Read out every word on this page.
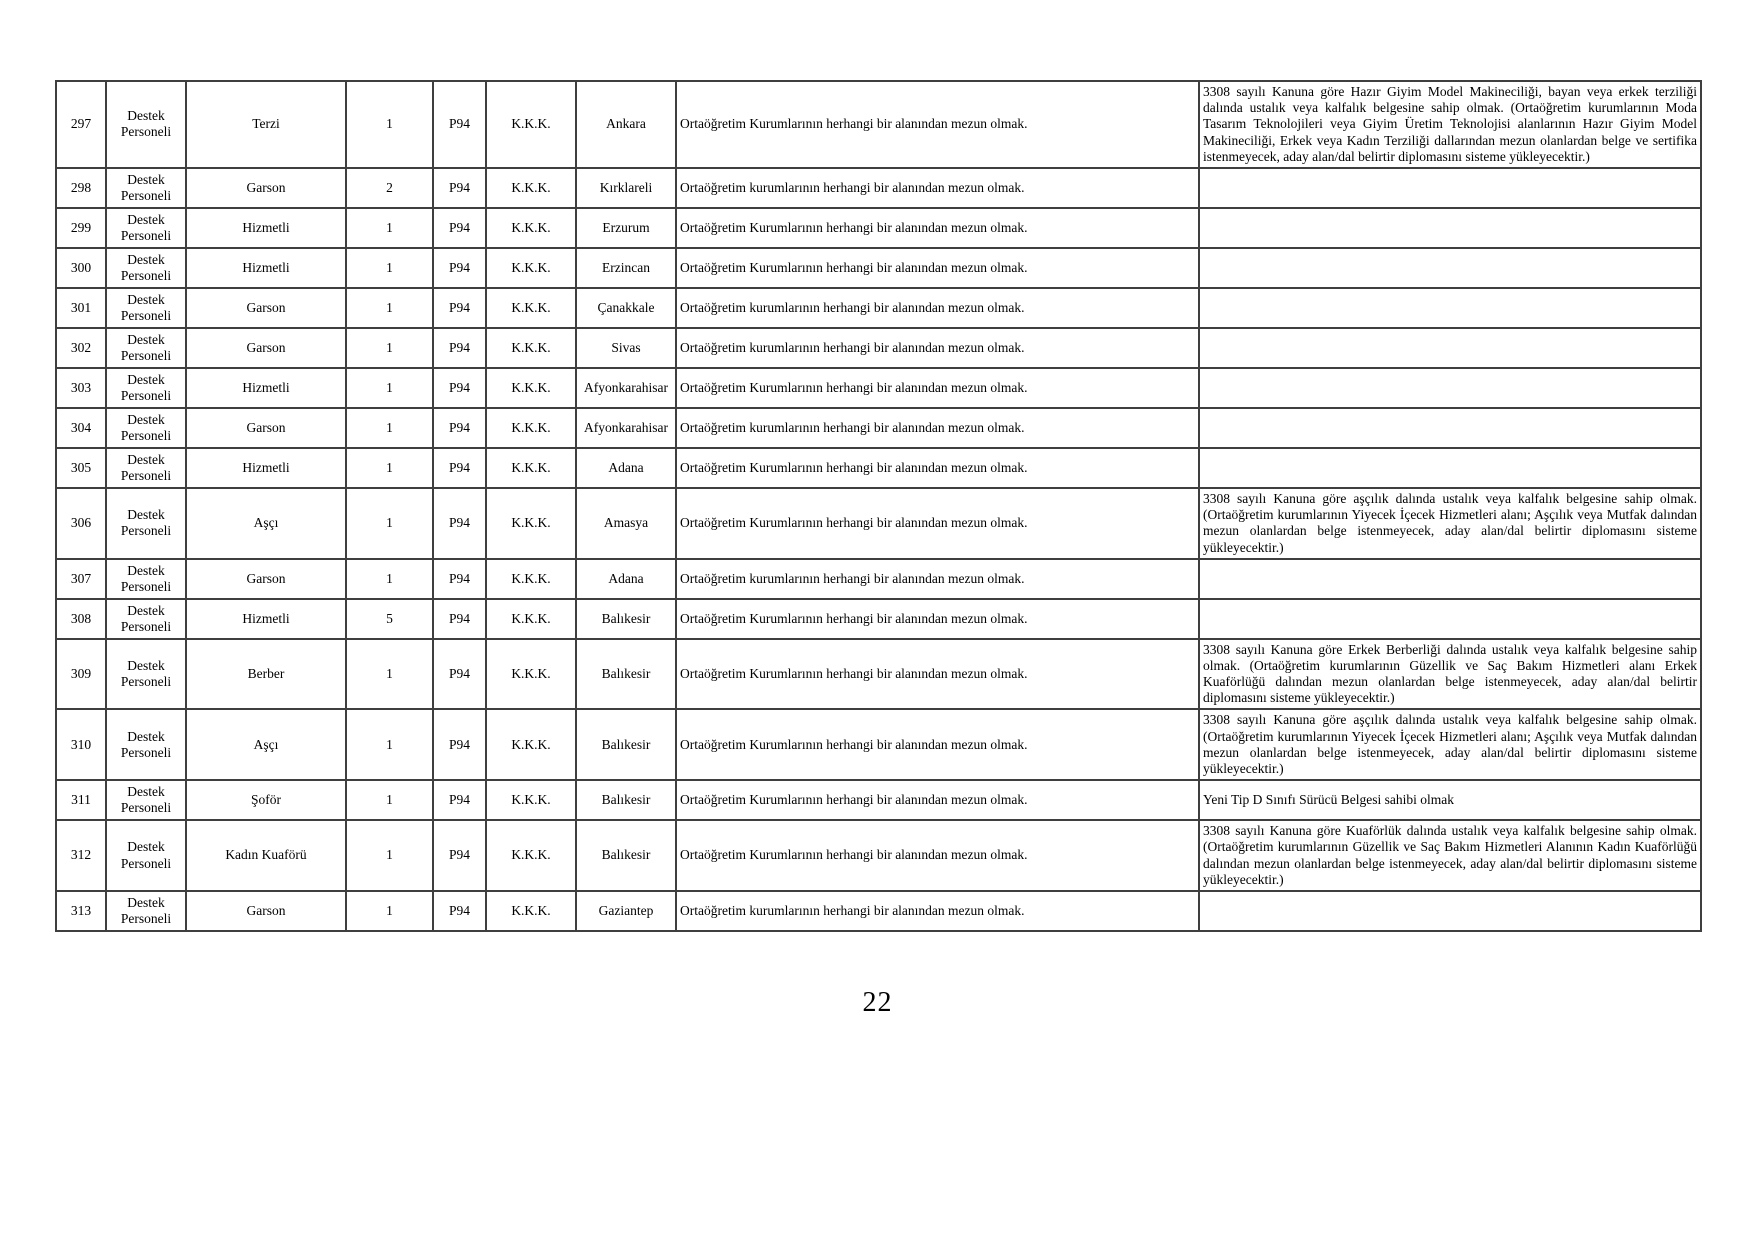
297	Destek Personeli	Terzi	1	P94	K.K.K.	Ankara	Ortaöğretim Kurumlarının herhangi bir alanından mezun olmak.	3308 sayılı Kanuna göre Hazır Giyim Model Makineciliği, bayan veya erkek terziliği dalında ustalık veya kalfalık belgesine sahip olmak. (Ortaöğretim kurumlarının Moda Tasarım Teknolojileri veya Giyim Üretim Teknolojisi alanlarının Hazır Giyim Model Makineciliği, Erkek veya Kadın Terziliği dallarından mezun olanlardan belge ve sertifika istenmeyecek, aday alan/dal belirtir diplomasını sisteme yükleyecektir.)
298	Destek Personeli	Garson	2	P94	K.K.K.	Kırklareli	Ortaöğretim kurumlarının herhangi bir alanından mezun olmak.	
299	Destek Personeli	Hizmetli	1	P94	K.K.K.	Erzurum	Ortaöğretim Kurumlarının herhangi bir alanından mezun olmak.	
300	Destek Personeli	Hizmetli	1	P94	K.K.K.	Erzincan	Ortaöğretim Kurumlarının herhangi bir alanından mezun olmak.	
301	Destek Personeli	Garson	1	P94	K.K.K.	Çanakkale	Ortaöğretim kurumlarının herhangi bir alanından mezun olmak.	
302	Destek Personeli	Garson	1	P94	K.K.K.	Sivas	Ortaöğretim kurumlarının herhangi bir alanından mezun olmak.	
303	Destek Personeli	Hizmetli	1	P94	K.K.K.	Afyonkarahisar	Ortaöğretim Kurumlarının herhangi bir alanından mezun olmak.	
304	Destek Personeli	Garson	1	P94	K.K.K.	Afyonkarahisar	Ortaöğretim kurumlarının herhangi bir alanından mezun olmak.	
305	Destek Personeli	Hizmetli	1	P94	K.K.K.	Adana	Ortaöğretim Kurumlarının herhangi bir alanından mezun olmak.	
306	Destek Personeli	Aşçı	1	P94	K.K.K.	Amasya	Ortaöğretim Kurumlarının herhangi bir alanından mezun olmak.	3308 sayılı Kanuna göre aşçılık dalında ustalık veya kalfalık belgesine sahip olmak. (Ortaöğretim kurumlarının Yiyecek İçecek Hizmetleri alanı; Aşçılık veya Mutfak dalından mezun olanlardan belge istenmeyecek, aday alan/dal belirtir diplomasını sisteme yükleyecektir.)
307	Destek Personeli	Garson	1	P94	K.K.K.	Adana	Ortaöğretim kurumlarının herhangi bir alanından mezun olmak.	
308	Destek Personeli	Hizmetli	5	P94	K.K.K.	Balıkesir	Ortaöğretim Kurumlarının herhangi bir alanından mezun olmak.	
309	Destek Personeli	Berber	1	P94	K.K.K.	Balıkesir	Ortaöğretim Kurumlarının herhangi bir alanından mezun olmak.	3308 sayılı Kanuna göre Erkek Berberliği dalında ustalık veya kalfalık belgesine sahip olmak. (Ortaöğretim kurumlarının Güzellik ve Saç Bakım Hizmetleri alanı Erkek Kuaförlüğü dalından mezun olanlardan belge istenmeyecek, aday alan/dal belirtir diplomasını sisteme yükleyecektir.)
310	Destek Personeli	Aşçı	1	P94	K.K.K.	Balıkesir	Ortaöğretim Kurumlarının herhangi bir alanından mezun olmak.	3308 sayılı Kanuna göre aşçılık dalında ustalık veya kalfalık belgesine sahip olmak. (Ortaöğretim kurumlarının Yiyecek İçecek Hizmetleri alanı; Aşçılık veya Mutfak dalından mezun olanlardan belge istenmeyecek, aday alan/dal belirtir diplomasını sisteme yükleyecektir.)
311	Destek Personeli	Şoför	1	P94	K.K.K.	Balıkesir	Ortaöğretim Kurumlarının herhangi bir alanından mezun olmak.	Yeni Tip D Sınıfı Sürücü Belgesi sahibi olmak
312	Destek Personeli	Kadın Kuaförü	1	P94	K.K.K.	Balıkesir	Ortaöğretim Kurumlarının herhangi bir alanından mezun olmak.	3308 sayılı Kanuna göre Kuaförlük dalında ustalık veya kalfalık belgesine sahip olmak. (Ortaöğretim kurumlarının Güzellik ve Saç Bakım Hizmetleri Alanının Kadın Kuaförlüğü dalından mezun olanlardan belge istenmeyecek, aday alan/dal belirtir diplomasını sisteme yükleyecektir.)
313	Destek Personeli	Garson	1	P94	K.K.K.	Gaziantep	Ortaöğretim kurumlarının herhangi bir alanından mezun olmak.	
22
